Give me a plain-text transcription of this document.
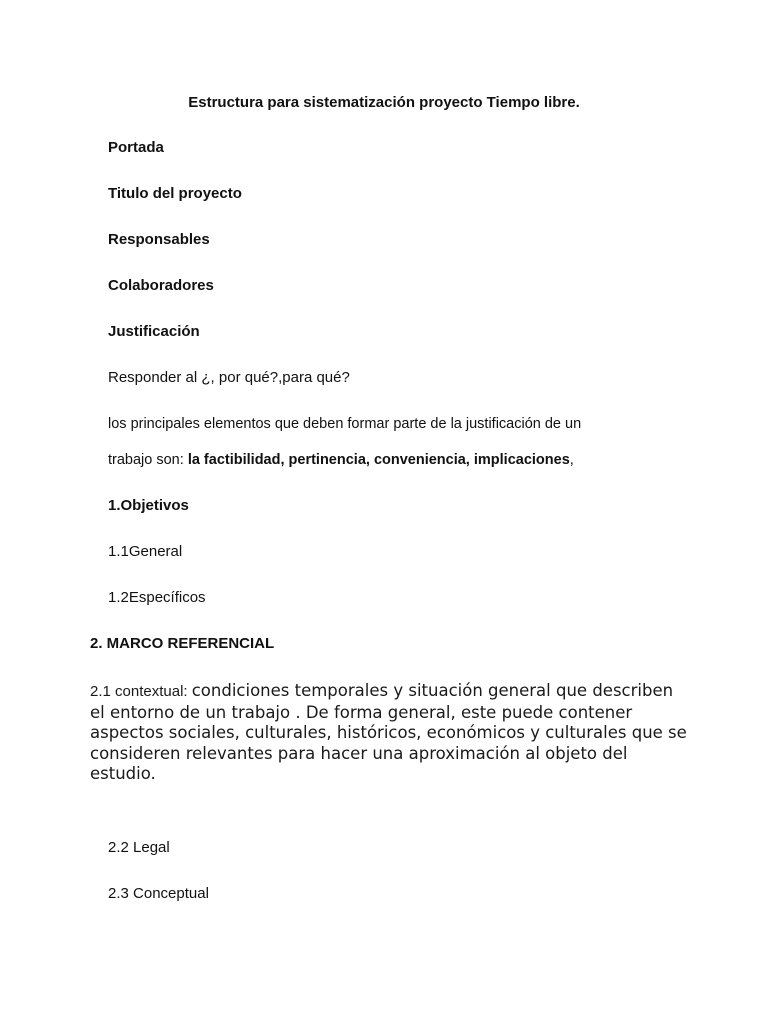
Estructura para sistematización proyecto Tiempo libre.
Portada
Titulo del proyecto
Responsables
Colaboradores
Justificación
Responder al ¿, por qué?,para qué?
los principales elementos que deben formar parte de la justificación de un
trabajo son: la factibilidad, pertinencia, conveniencia, implicaciones,
1.Objetivos
1.1General
1.2Específicos
2. MARCO REFERENCIAL
2.1 contextual: condiciones temporales y situación general que describen el entorno de un trabajo . De forma general, este puede contener aspectos sociales, culturales, históricos, económicos y culturales que se consideren relevantes para hacer una aproximación al objeto del estudio.
2.2 Legal
2.3 Conceptual
